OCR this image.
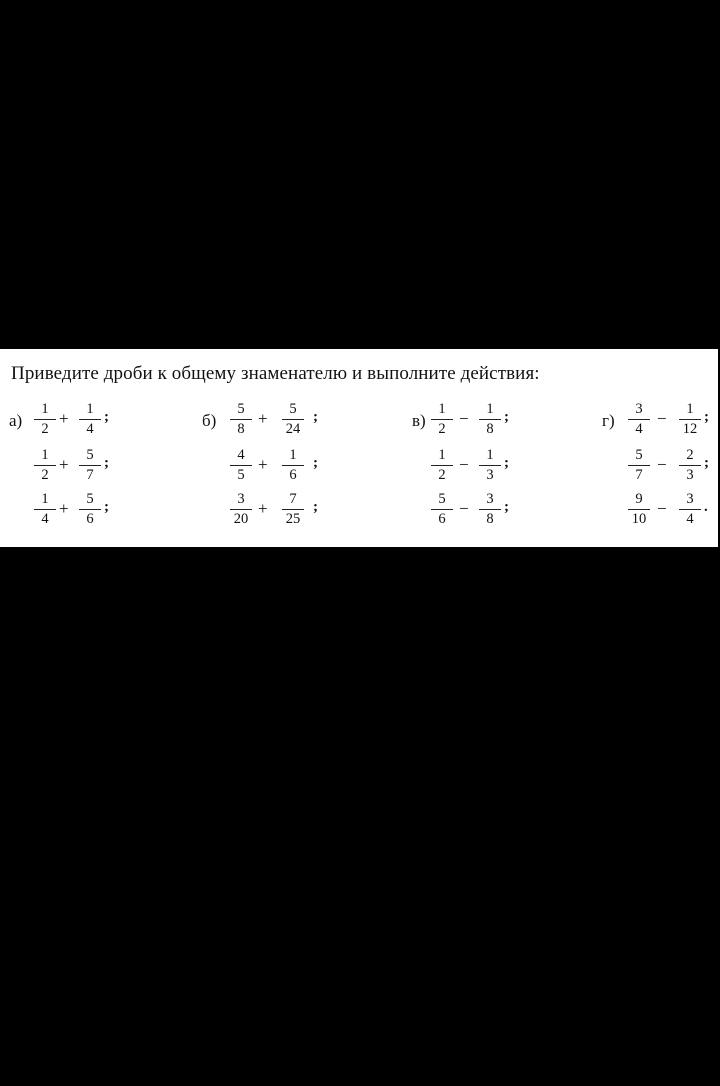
Приведите дроби к общему знаменателю и выполните действия:
а)
1
2
+	1
4
;	б)
5
8
+	5
24
;	в)
1
2
−	1
8
;	г)
3
4
−	1
12
;
1
2
+	5
7
;	4
5
+	1
6
;	1
2
−	1
3
;	5
7
−	2
3
;
1
4
+	5
6
;	3
20
+	7
25
;	5
6
−	3
8
;	9
10
−	3
4
.
